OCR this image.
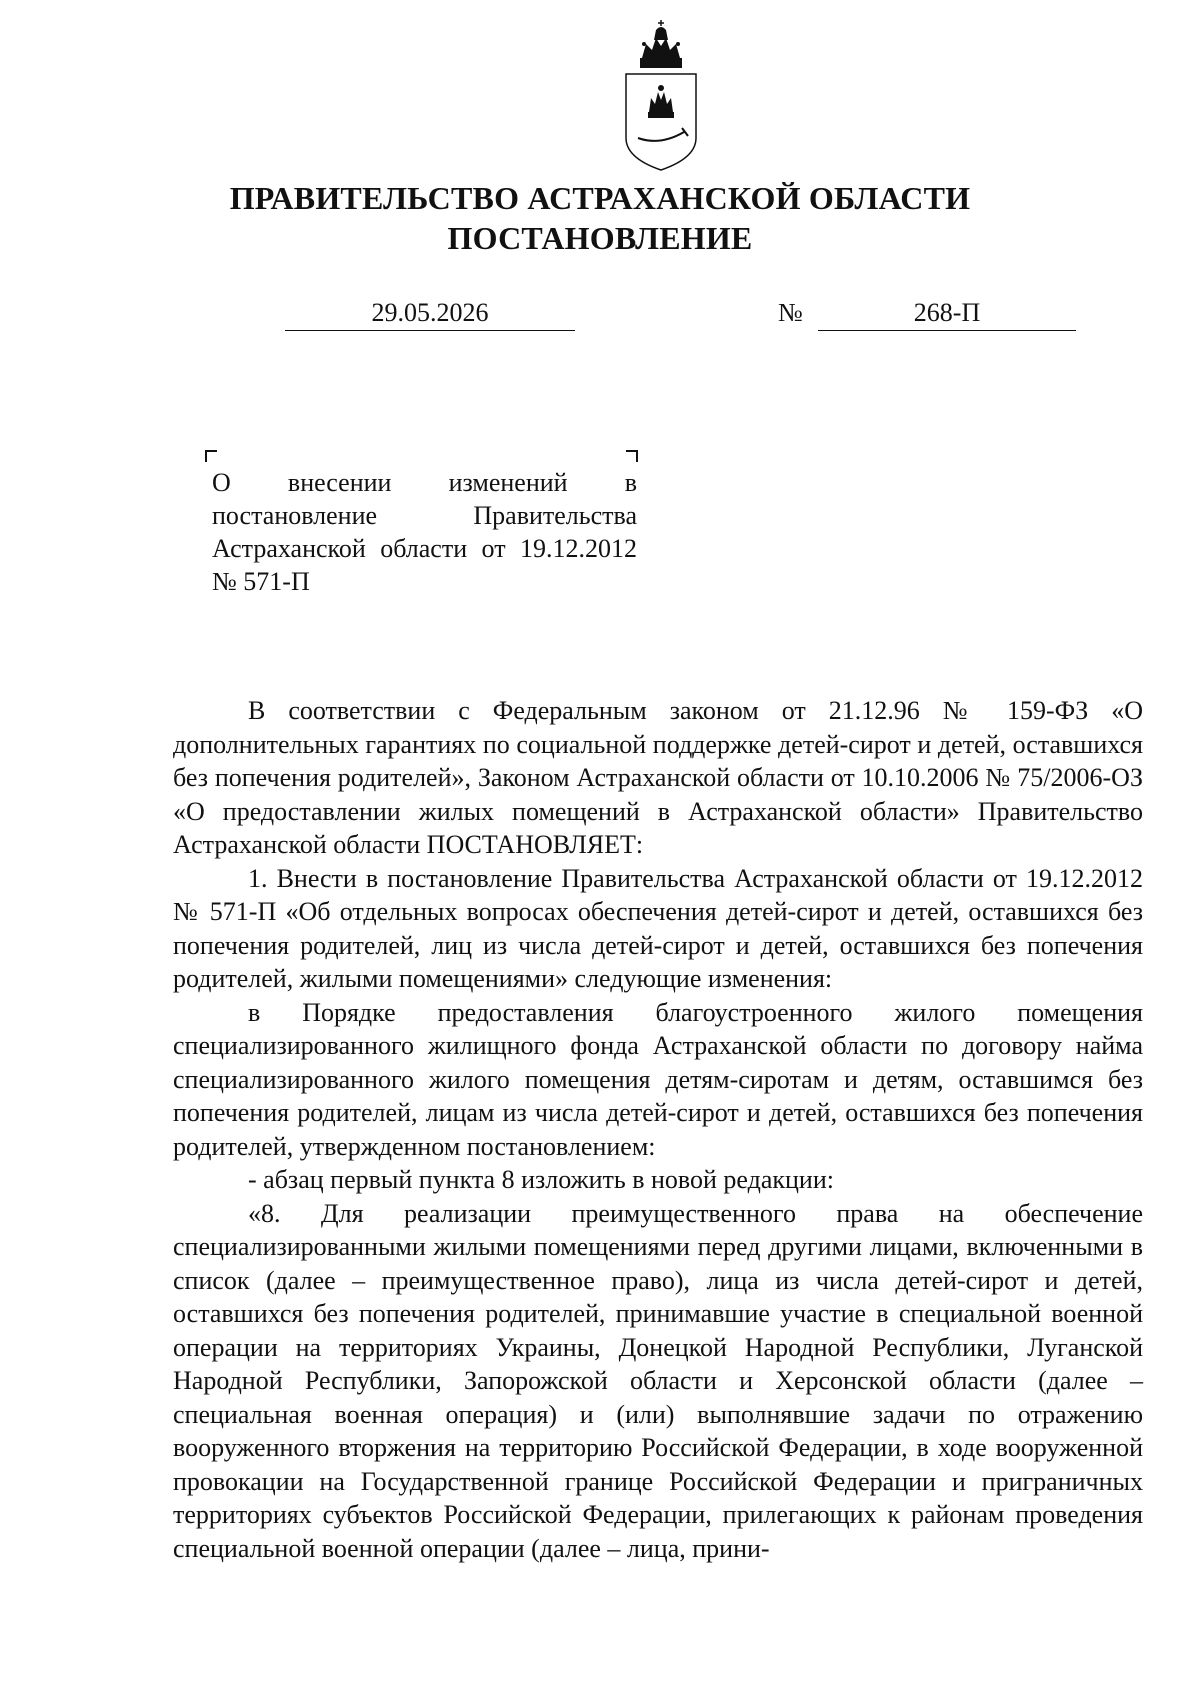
ПРАВИТЕЛЬСТВО АСТРАХАНСКОЙ ОБЛАСТИ
ПОСТАНОВЛЕНИЕ
29.05.2026	№	268-П
О внесении изменений в постановление Правительства Астраханской области от 19.12.2012 № 571-П

В соответствии с Федеральным законом от 21.12.96 № 159-ФЗ «О дополнительных гарантиях по социальной поддержке детей-сирот и детей, оставшихся без попечения родителей», Законом Астраханской области от 10.10.2006 № 75/2006-ОЗ «О предоставлении жилых помещений в Астраханской области» Правительство Астраханской области ПОСТАНОВЛЯЕТ:

1. Внести в постановление Правительства Астраханской области от 19.12.2012 № 571-П «Об отдельных вопросах обеспечения детей-сирот и детей, оставшихся без попечения родителей, лиц из числа детей-сирот и детей, оставшихся без попечения родителей, жилыми помещениями» следующие изменения:

в Порядке предоставления благоустроенного жилого помещения специализированного жилищного фонда Астраханской области по договору найма специализированного жилого помещения детям-сиротам и детям, оставшимся без попечения родителей, лицам из числа детей-сирот и детей, оставшихся без попечения родителей, утвержденном постановлением:

- абзац первый пункта 8 изложить в новой редакции:

«8. Для реализации преимущественного права на обеспечение специализированными жилыми помещениями перед другими лицами, включенными в список (далее – преимущественное право), лица из числа детей-сирот и детей, оставшихся без попечения родителей, принимавшие участие в специальной военной операции на территориях Украины, Донецкой Народной Республики, Луганской Народной Республики, Запорожской области и Херсонской области (далее – специальная военная операция) и (или) выполнявшие задачи по отражению вооруженного вторжения на территорию Российской Федерации, в ходе вооруженной провокации на Государственной границе Российской Федерации и приграничных территориях субъектов Российской Федерации, прилегающих к районам проведения специальной военной операции (далее – лица, прини-
